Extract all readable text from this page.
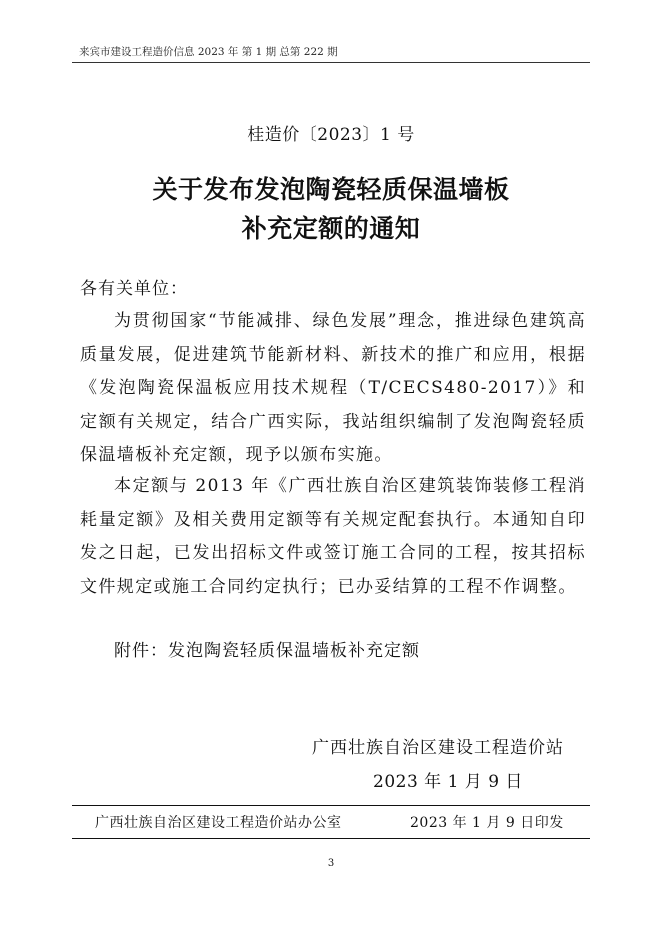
来宾市建设工程造价信息 2023 年 第 1 期 总第 222 期
桂造价〔2023〕1 号
关于发布发泡陶瓷轻质保温墙板
补充定额的通知
各有关单位：

为贯彻国家“节能减排、绿色发展”理念，推进绿色建筑高质量发展，促进建筑节能新材料、新技术的推广和应用，根据《发泡陶瓷保温板应用技术规程（T/CECS480-2017）》和定额有关规定，结合广西实际，我站组织编制了发泡陶瓷轻质保温墙板补充定额，现予以颁布实施。

本定额与 2013 年《广西壮族自治区建筑装饰装修工程消耗量定额》及相关费用定额等有关规定配套执行。本通知自印发之日起，已发出招标文件或签订施工合同的工程，按其招标文件规定或施工合同约定执行；已办妥结算的工程不作调整。

附件：发泡陶瓷轻质保温墙板补充定额
广西壮族自治区建设工程造价站
2023 年 1 月 9 日
广西壮族自治区建设工程造价站办公室	2023 年 1 月 9 日印发
3
